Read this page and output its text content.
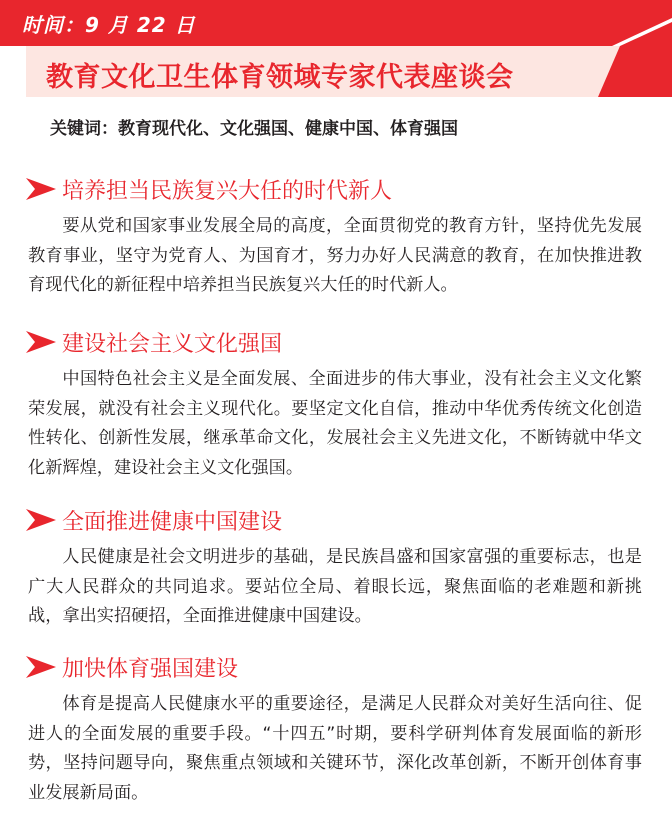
时间：9 月 22 日
教育文化卫生体育领域专家代表座谈会
关键词：教育现代化、文化强国、健康中国、体育强国
培养担当民族复兴大任的时代新人
要从党和国家事业发展全局的高度，全面贯彻党的教育方针，坚持优先发展教育事业，坚守为党育人、为国育才，努力办好人民满意的教育，在加快推进教育现代化的新征程中培养担当民族复兴大任的时代新人。
建设社会主义文化强国
中国特色社会主义是全面发展、全面进步的伟大事业，没有社会主义文化繁荣发展，就没有社会主义现代化。要坚定文化自信，推动中华优秀传统文化创造性转化、创新性发展，继承革命文化，发展社会主义先进文化，不断铸就中华文化新辉煌，建设社会主义文化强国。
全面推进健康中国建设
人民健康是社会文明进步的基础，是民族昌盛和国家富强的重要标志，也是广大人民群众的共同追求。要站位全局、着眼长远，聚焦面临的老难题和新挑战，拿出实招硬招，全面推进健康中国建设。
加快体育强国建设
体育是提高人民健康水平的重要途径，是满足人民群众对美好生活向往、促进人的全面发展的重要手段。“十四五”时期，要科学研判体育发展面临的新形势，坚持问题导向，聚焦重点领域和关键环节，深化改革创新，不断开创体育事业发展新局面。
